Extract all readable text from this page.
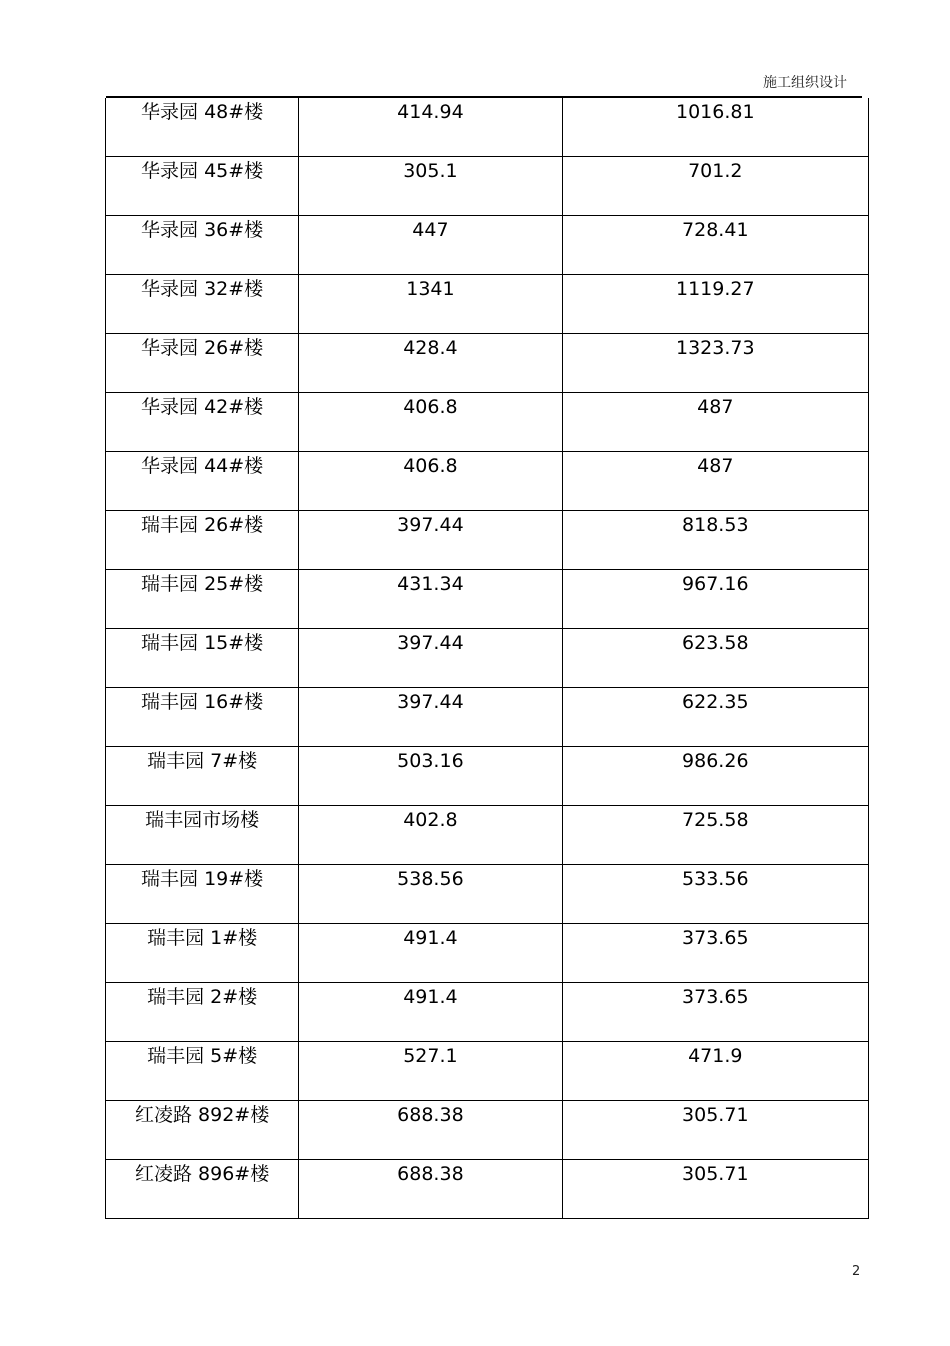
施工组织设计
华录园 48#楼	414.94	1016.81

华录园 45#楼	305.1	701.2

华录园 36#楼	447	728.41

华录园 32#楼	1341	1119.27

华录园 26#楼	428.4	1323.73

华录园 42#楼	406.8	487

华录园 44#楼	406.8	487

瑞丰园 26#楼	397.44	818.53

瑞丰园 25#楼	431.34	967.16

瑞丰园 15#楼	397.44	623.58

瑞丰园 16#楼	397.44	622.35

瑞丰园 7#楼	503.16	986.26

瑞丰园市场楼	402.8	725.58

瑞丰园 19#楼	538.56	533.56

瑞丰园 1#楼	491.4	373.65

瑞丰园 2#楼	491.4	373.65

瑞丰园 5#楼	527.1	471.9

红凌路 892#楼	688.38	305.71

红凌路 896#楼	688.38	305.71
2
